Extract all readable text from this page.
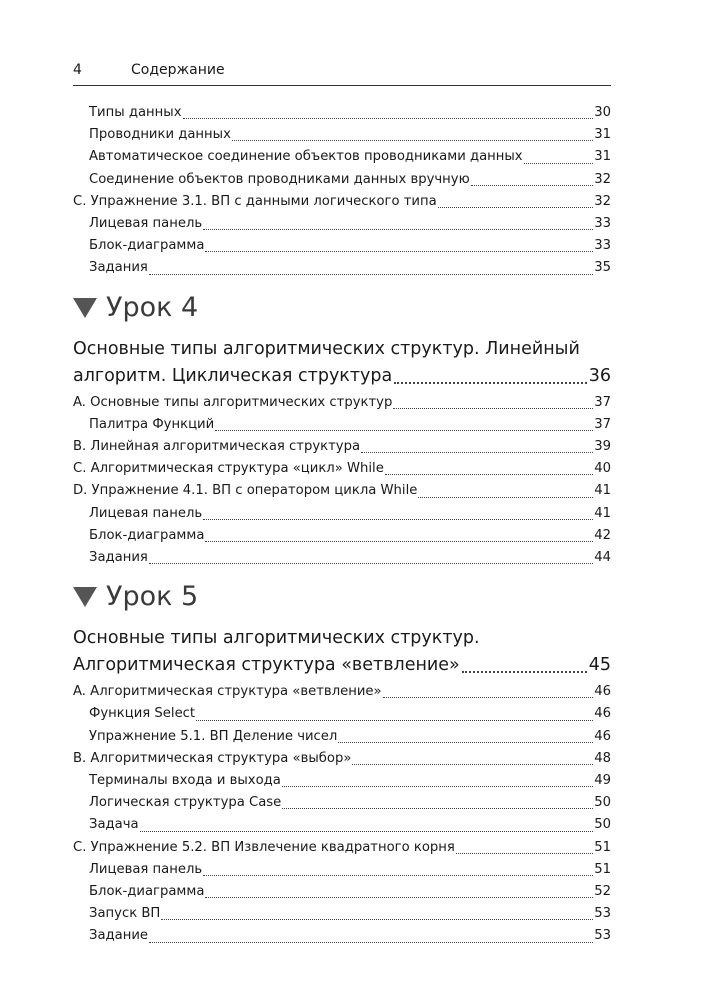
4	Содержание
Типы данных	30
Проводники данных	31
Автоматическое соединение объектов проводниками данных	31
Соединение объектов проводниками данных вручную	32
С. Упражнение 3.1. ВП с данными логического типа	32
Лицевая панель	33
Блок-диаграмма	33
Задания	35
Урок 4
Основные типы алгоритмических структур. Линейный
алгоритм. Циклическая структура	36
A. Основные типы алгоритмических структур	37
Палитра Функций	37
B. Линейная алгоритмическая структура	39
C. Алгоритмическая структура «цикл» While	40
D. Упражнение 4.1. ВП с оператором цикла While	41
Лицевая панель	41
Блок-диаграмма	42
Задания	44
Урок 5
Основные типы алгоритмических структур.
Алгоритмическая структура «ветвление»	45
A. Алгоритмическая структура «ветвление»	46
Функция Select	46
Упражнение 5.1. ВП Деление чисел	46
B. Алгоритмическая структура «выбор»	48
Терминалы входа и выхода	49
Логическая структура Case	50
Задача	50
C. Упражнение 5.2. ВП Извлечение квадратного корня	51
Лицевая панель	51
Блок-диаграмма	52
Запуск ВП	53
Задание	53
